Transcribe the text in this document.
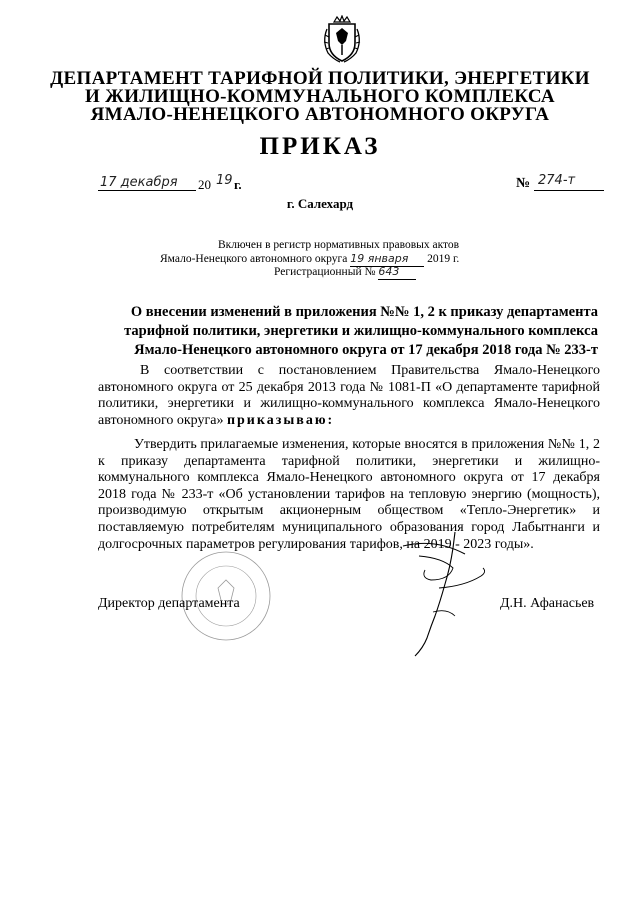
ДЕПАРТАМЕНТ ТАРИФНОЙ ПОЛИТИКИ, ЭНЕРГЕТИКИ
И ЖИЛИЩНО-КОММУНАЛЬНОГО КОМПЛЕКСА
ЯМАЛО-НЕНЕЦКОГО АВТОНОМНОГО ОКРУГА
ПРИКАЗ
17 декабря 20 19 г.	№ 274-т
г. Салехард
Включен в регистр нормативных правовых актов
Ямало-Ненецкого автономного округа 19 января 2019 г.
Регистрационный № 643
О внесении изменений в приложения №№ 1, 2 к приказу департамента
тарифной политики, энергетики и жилищно-коммунального комплекса
Ямало-Ненецкого автономного округа от 17 декабря 2018 года № 233-т
В соответствии с постановлением Правительства Ямало-Ненецкого автономного округа от 25 декабря 2013 года № 1081-П «О департаменте тарифной политики, энергетики и жилищно-коммунального комплекса Ямало-Ненецкого автономного округа» приказываю:
Утвердить прилагаемые изменения, которые вносятся в приложения №№ 1, 2 к приказу департамента тарифной политики, энергетики и жилищно-коммунального комплекса Ямало-Ненецкого автономного округа от 17 декабря 2018 года № 233-т «Об установлении тарифов на тепловую энергию (мощность), производимую открытым акционерным обществом «Тепло-Энергетик» и поставляемую потребителям муниципального образования город Лабытнанги и долгосрочных параметров регулирования тарифов, на 2019 - 2023 годы».
Директор департамента	Д.Н. Афанасьев
